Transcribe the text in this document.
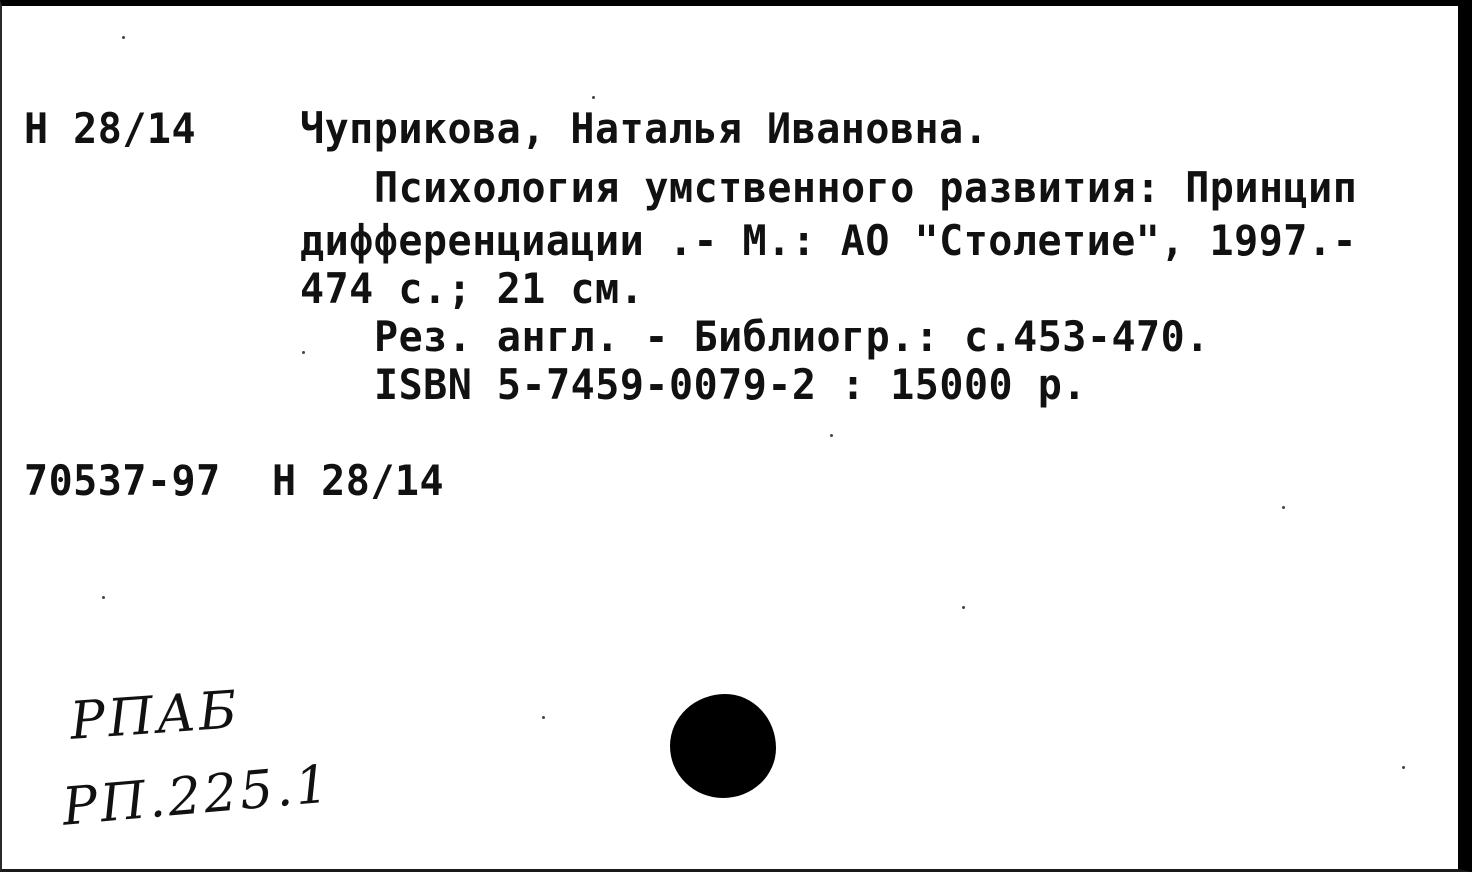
Н 28/14	Чуприкова, Наталья Ивановна.
Психология умственного развития: Принцип
дифференциации .- М.: АО "Столетие", 1997.-
474 с.; 21 см.
Рез. англ. - Библиогр.: с.453-470.
ISBN 5-7459-0079-2 : 15000 р.
70537-97 Н 28/14
РПАБ
РП.225.1
